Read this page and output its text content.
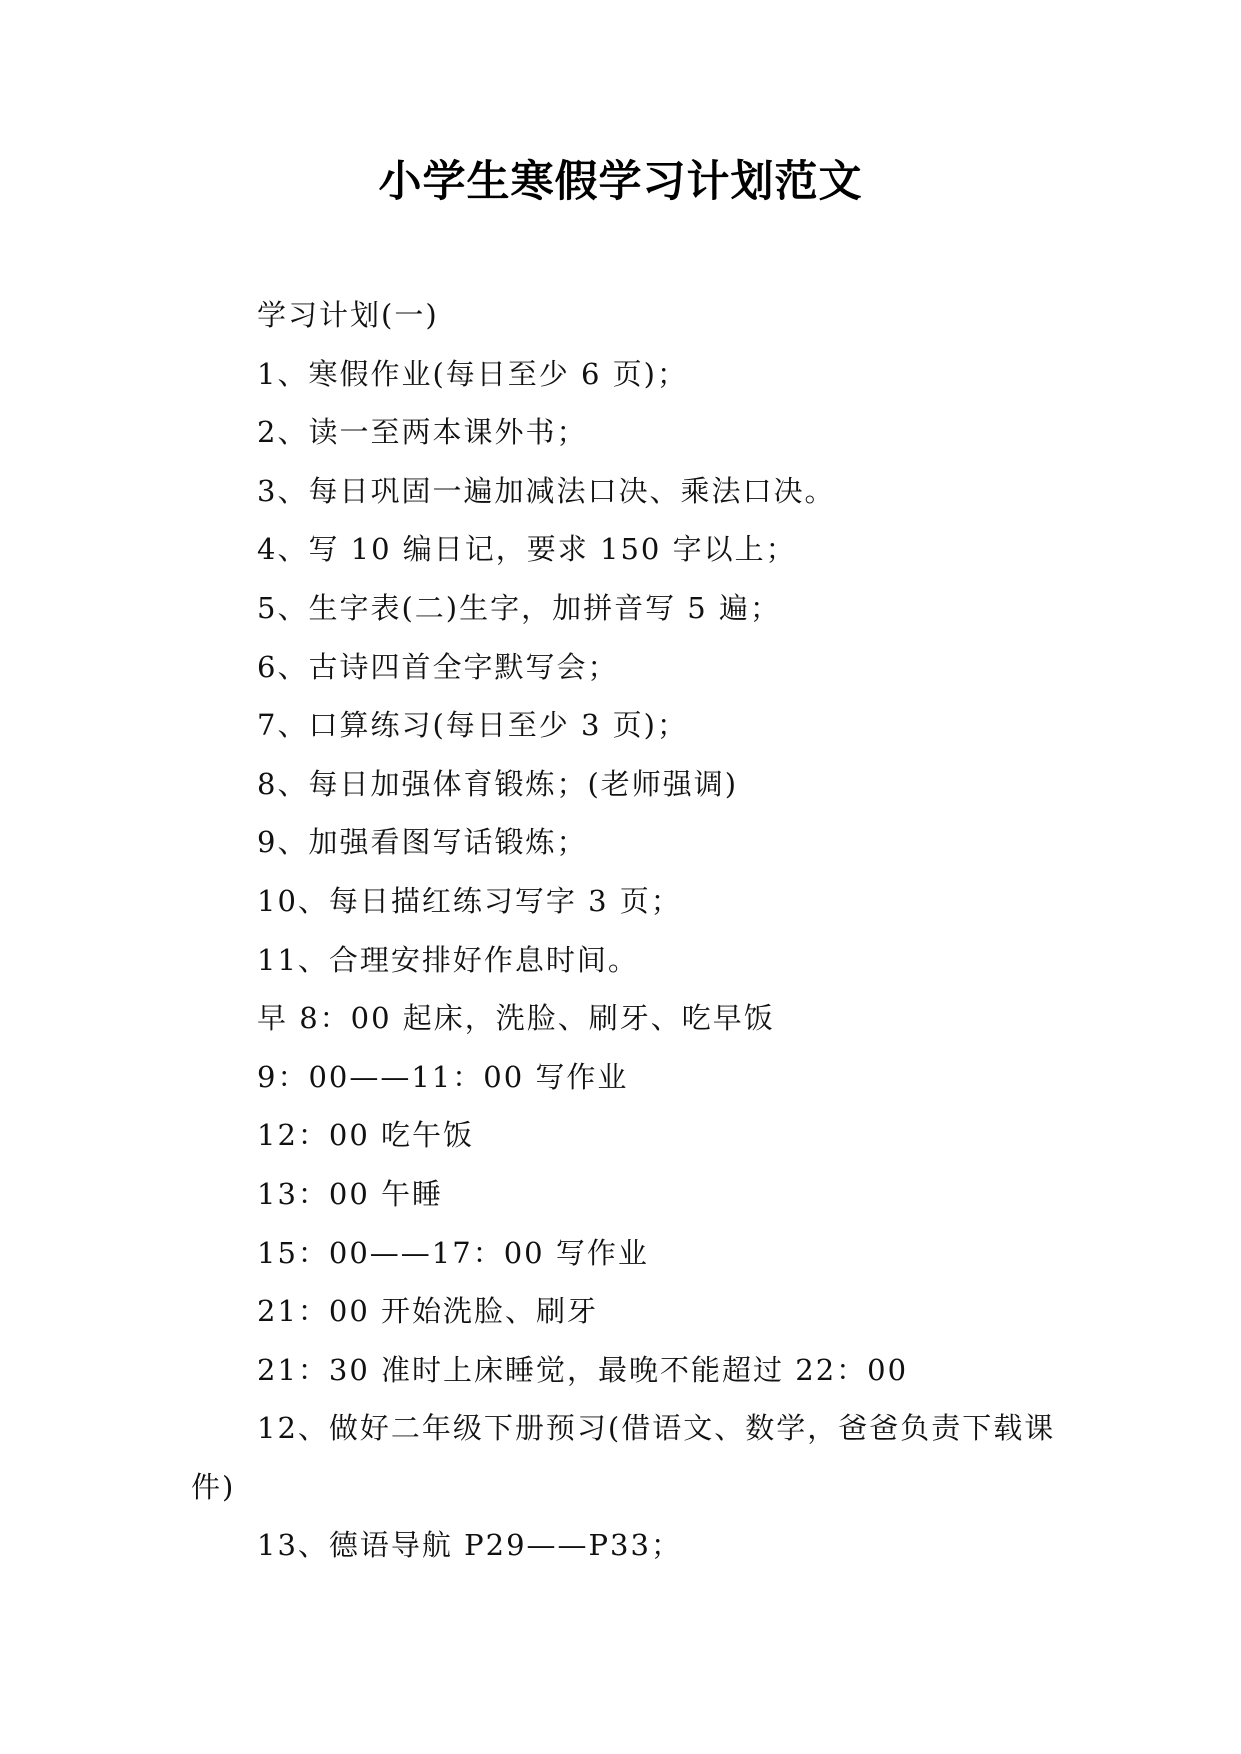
小学生寒假学习计划范文

学习计划(一)

1、寒假作业(每日至少 6 页)；

2、读一至两本课外书；

3、每日巩固一遍加减法口决、乘法口决。

4、写 10 编日记，要求 150 字以上；

5、生字表(二)生字，加拼音写 5 遍；

6、古诗四首全字默写会；

7、口算练习(每日至少 3 页)；

8、每日加强体育锻炼；(老师强调)

9、加强看图写话锻炼；

10、每日描红练习写字 3 页；

11、合理安排好作息时间。

早 8：00 起床，洗脸、刷牙、吃早饭

9：00——11：00 写作业

12：00 吃午饭

13：00 午睡

15：00——17：00 写作业

21：00 开始洗脸、刷牙

21：30 准时上床睡觉，最晚不能超过 22：00

12、做好二年级下册预习(借语文、数学，爸爸负责下载课件)

13、德语导航 P29——P33；
